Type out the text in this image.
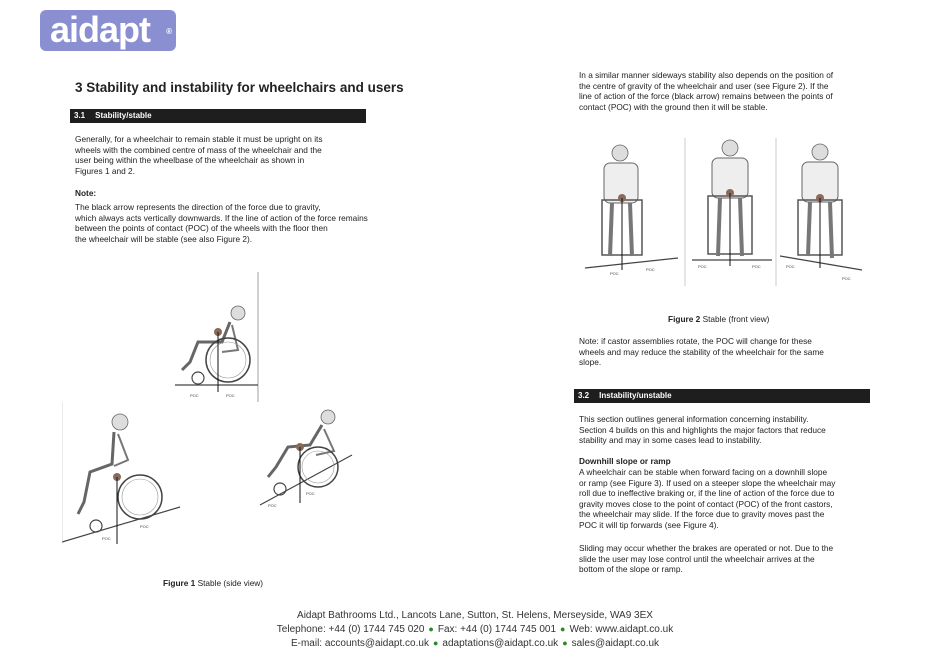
aidapt ®
3 Stability and instability for wheelchairs and users
3.1 Stability/stable
Generally, for a wheelchair to remain stable it must be upright on its
wheels with the combined centre of mass of the wheelchair and the
user being within the wheelbase of the wheelchair as shown in
Figures 1 and 2.
Note:
The black arrow represents the direction of the force due to gravity,
which always acts vertically downwards. If the line of action of the force remains
between the points of contact (POC) of the wheels with the floor then
the wheelchair will be stable (see also Figure 2).
POC	POC
POC
POC
POC
POC
Figure 1 Stable (side view)
In a similar manner sideways stability also depends on the position of
the centre of gravity of the wheelchair and user (see Figure 2). If the
line of action of the force (black arrow) remains between the points of
contact (POC) with the ground then it will be stable.
POC
POC
POC	POC	POC
POC
Figure 2 Stable (front view)
Note: if castor assemblies rotate, the POC will change for these
wheels and may reduce the stability of the wheelchair for the same
slope.
3.2 Instability/unstable
This section outlines general information concerning instability.
Section 4 builds on this and highlights the major factors that reduce
stability and may in some cases lead to instability.
Downhill slope or ramp
A wheelchair can be stable when forward facing on a downhill slope
or ramp (see Figure 3). If used on a steeper slope the wheelchair may
roll due to ineffective braking or, if the line of action of the force due to
gravity moves close to the point of contact (POC) of the front castors,
the wheelchair may slide. If the force due to gravity moves past the
POC it will tip forwards (see Figure 4).
Sliding may occur whether the brakes are operated or not. Due to the
slide the user may lose control until the wheelchair arrives at the
bottom of the slope or ramp.
Aidapt Bathrooms Ltd., Lancots Lane, Sutton, St. Helens, Merseyside, WA9 3EX
Telephone: +44 (0) 1744 745 020 ● Fax: +44 (0) 1744 745 001 ● Web: www.aidapt.co.uk
E-mail: accounts@aidapt.co.uk ● adaptations@aidapt.co.uk ● sales@aidapt.co.uk
